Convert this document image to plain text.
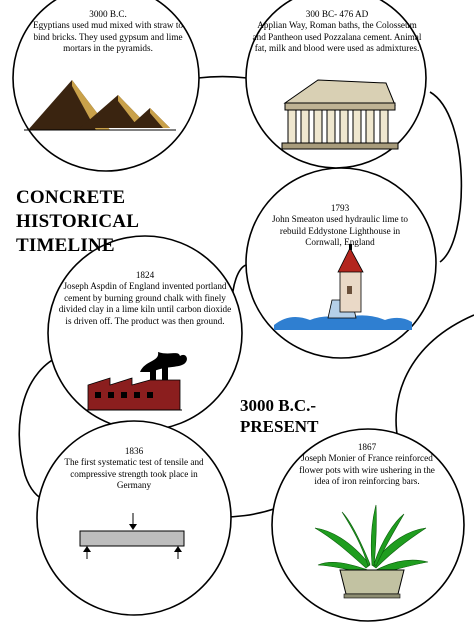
3000 B.C.
Egyptians used mud mixed with straw to bind bricks. They used gypsum and lime mortars in the pyramids.
300 BC- 476 AD
Applian Way, Roman baths, the Colosseum and Pantheon used Pozzalana cement. Animal fat, milk and blood were used as admixtures.
1793
John Smeaton used hydraulic lime to rebuild Eddystone Lighthouse in Cornwall, England
1824
Joseph Aspdin of England invented portland cement by burning ground chalk with finely divided clay in a lime kiln until carbon dioxide is driven off. The product was then ground.
1836
The first systematic test of tensile and compressive strength took place in Germany
1867
Joseph Monier of France reinforced flower pots with wire ushering in the idea of iron reinforcing bars.
CONCRETE
HISTORICAL
TIMELINE
3000 B.C.-
PRESENT
